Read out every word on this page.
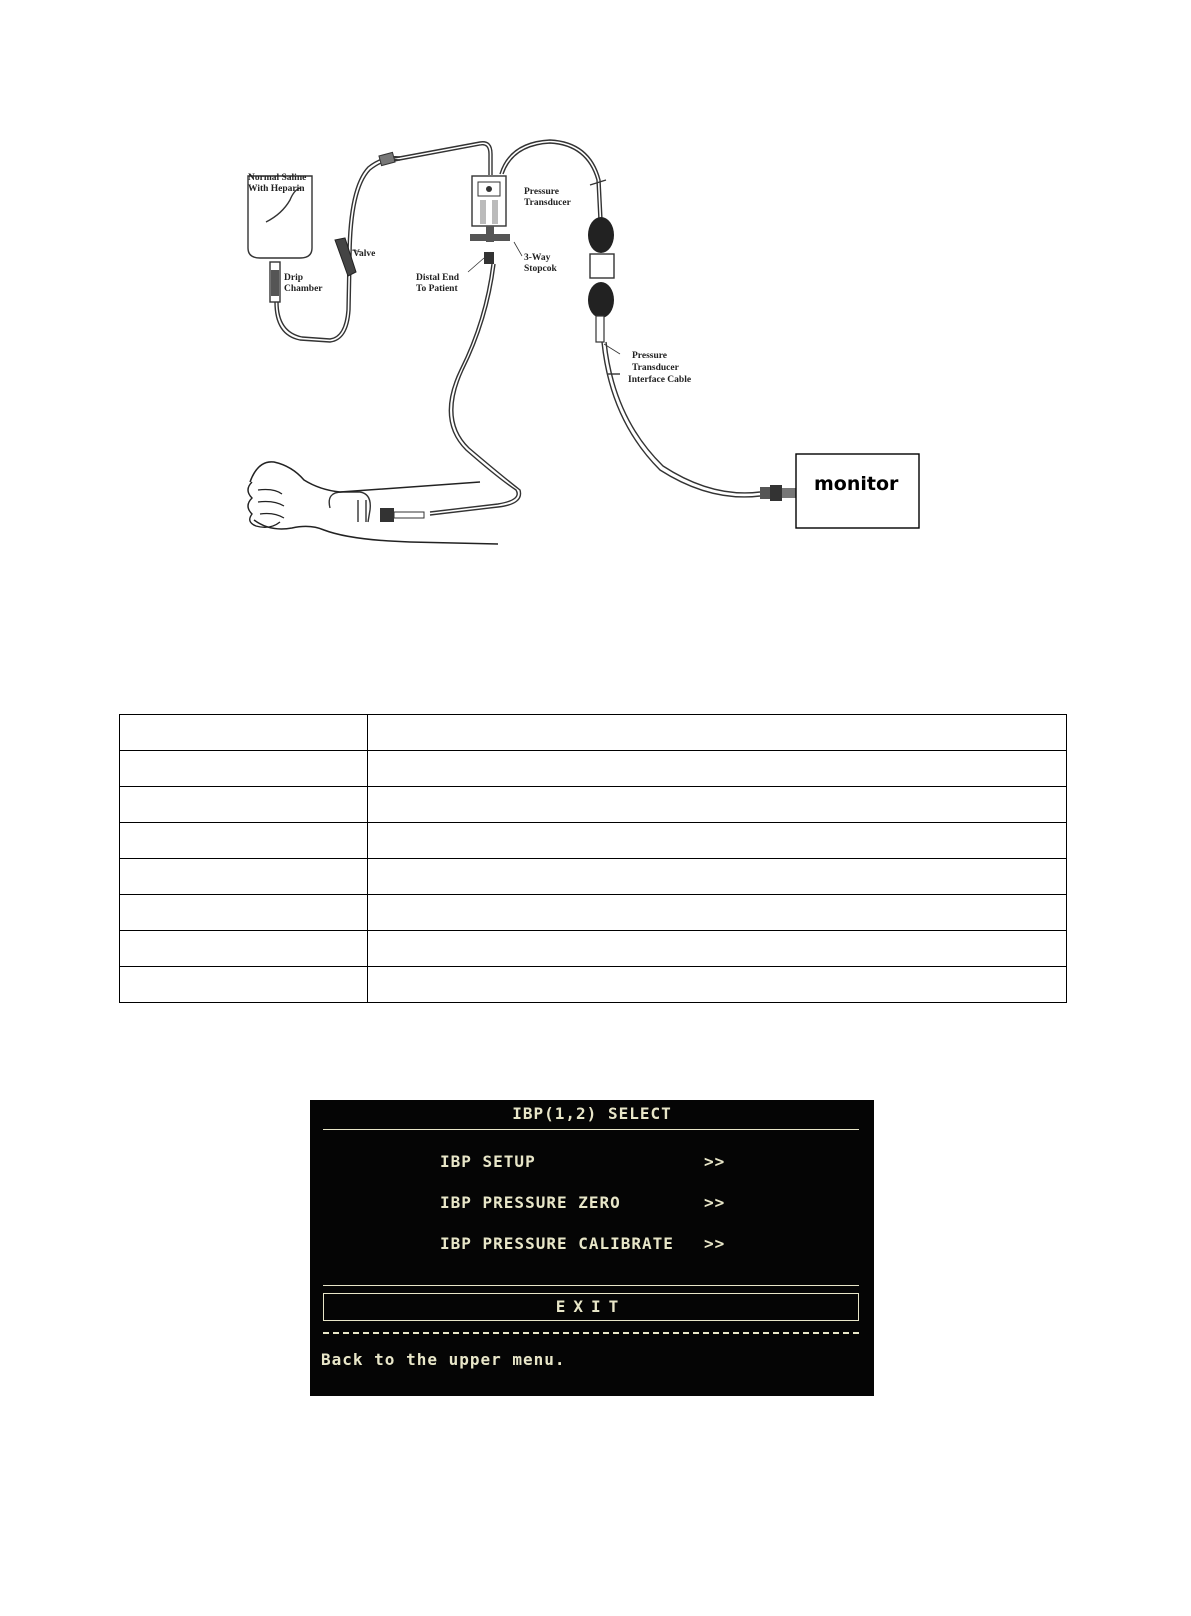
monitor
Normal Saline
With Heparin
Valve
Drip
Chamber
Pressure
Transducer
3-Way
Stopcok
Distal End
To Patient
Pressure
Transducer
Interface Cable

IBP(1,2) SELECT
IBP SETUP	>>
IBP PRESSURE ZERO	>>
IBP PRESSURE CALIBRATE >>
EXIT
Back to the upper menu.
